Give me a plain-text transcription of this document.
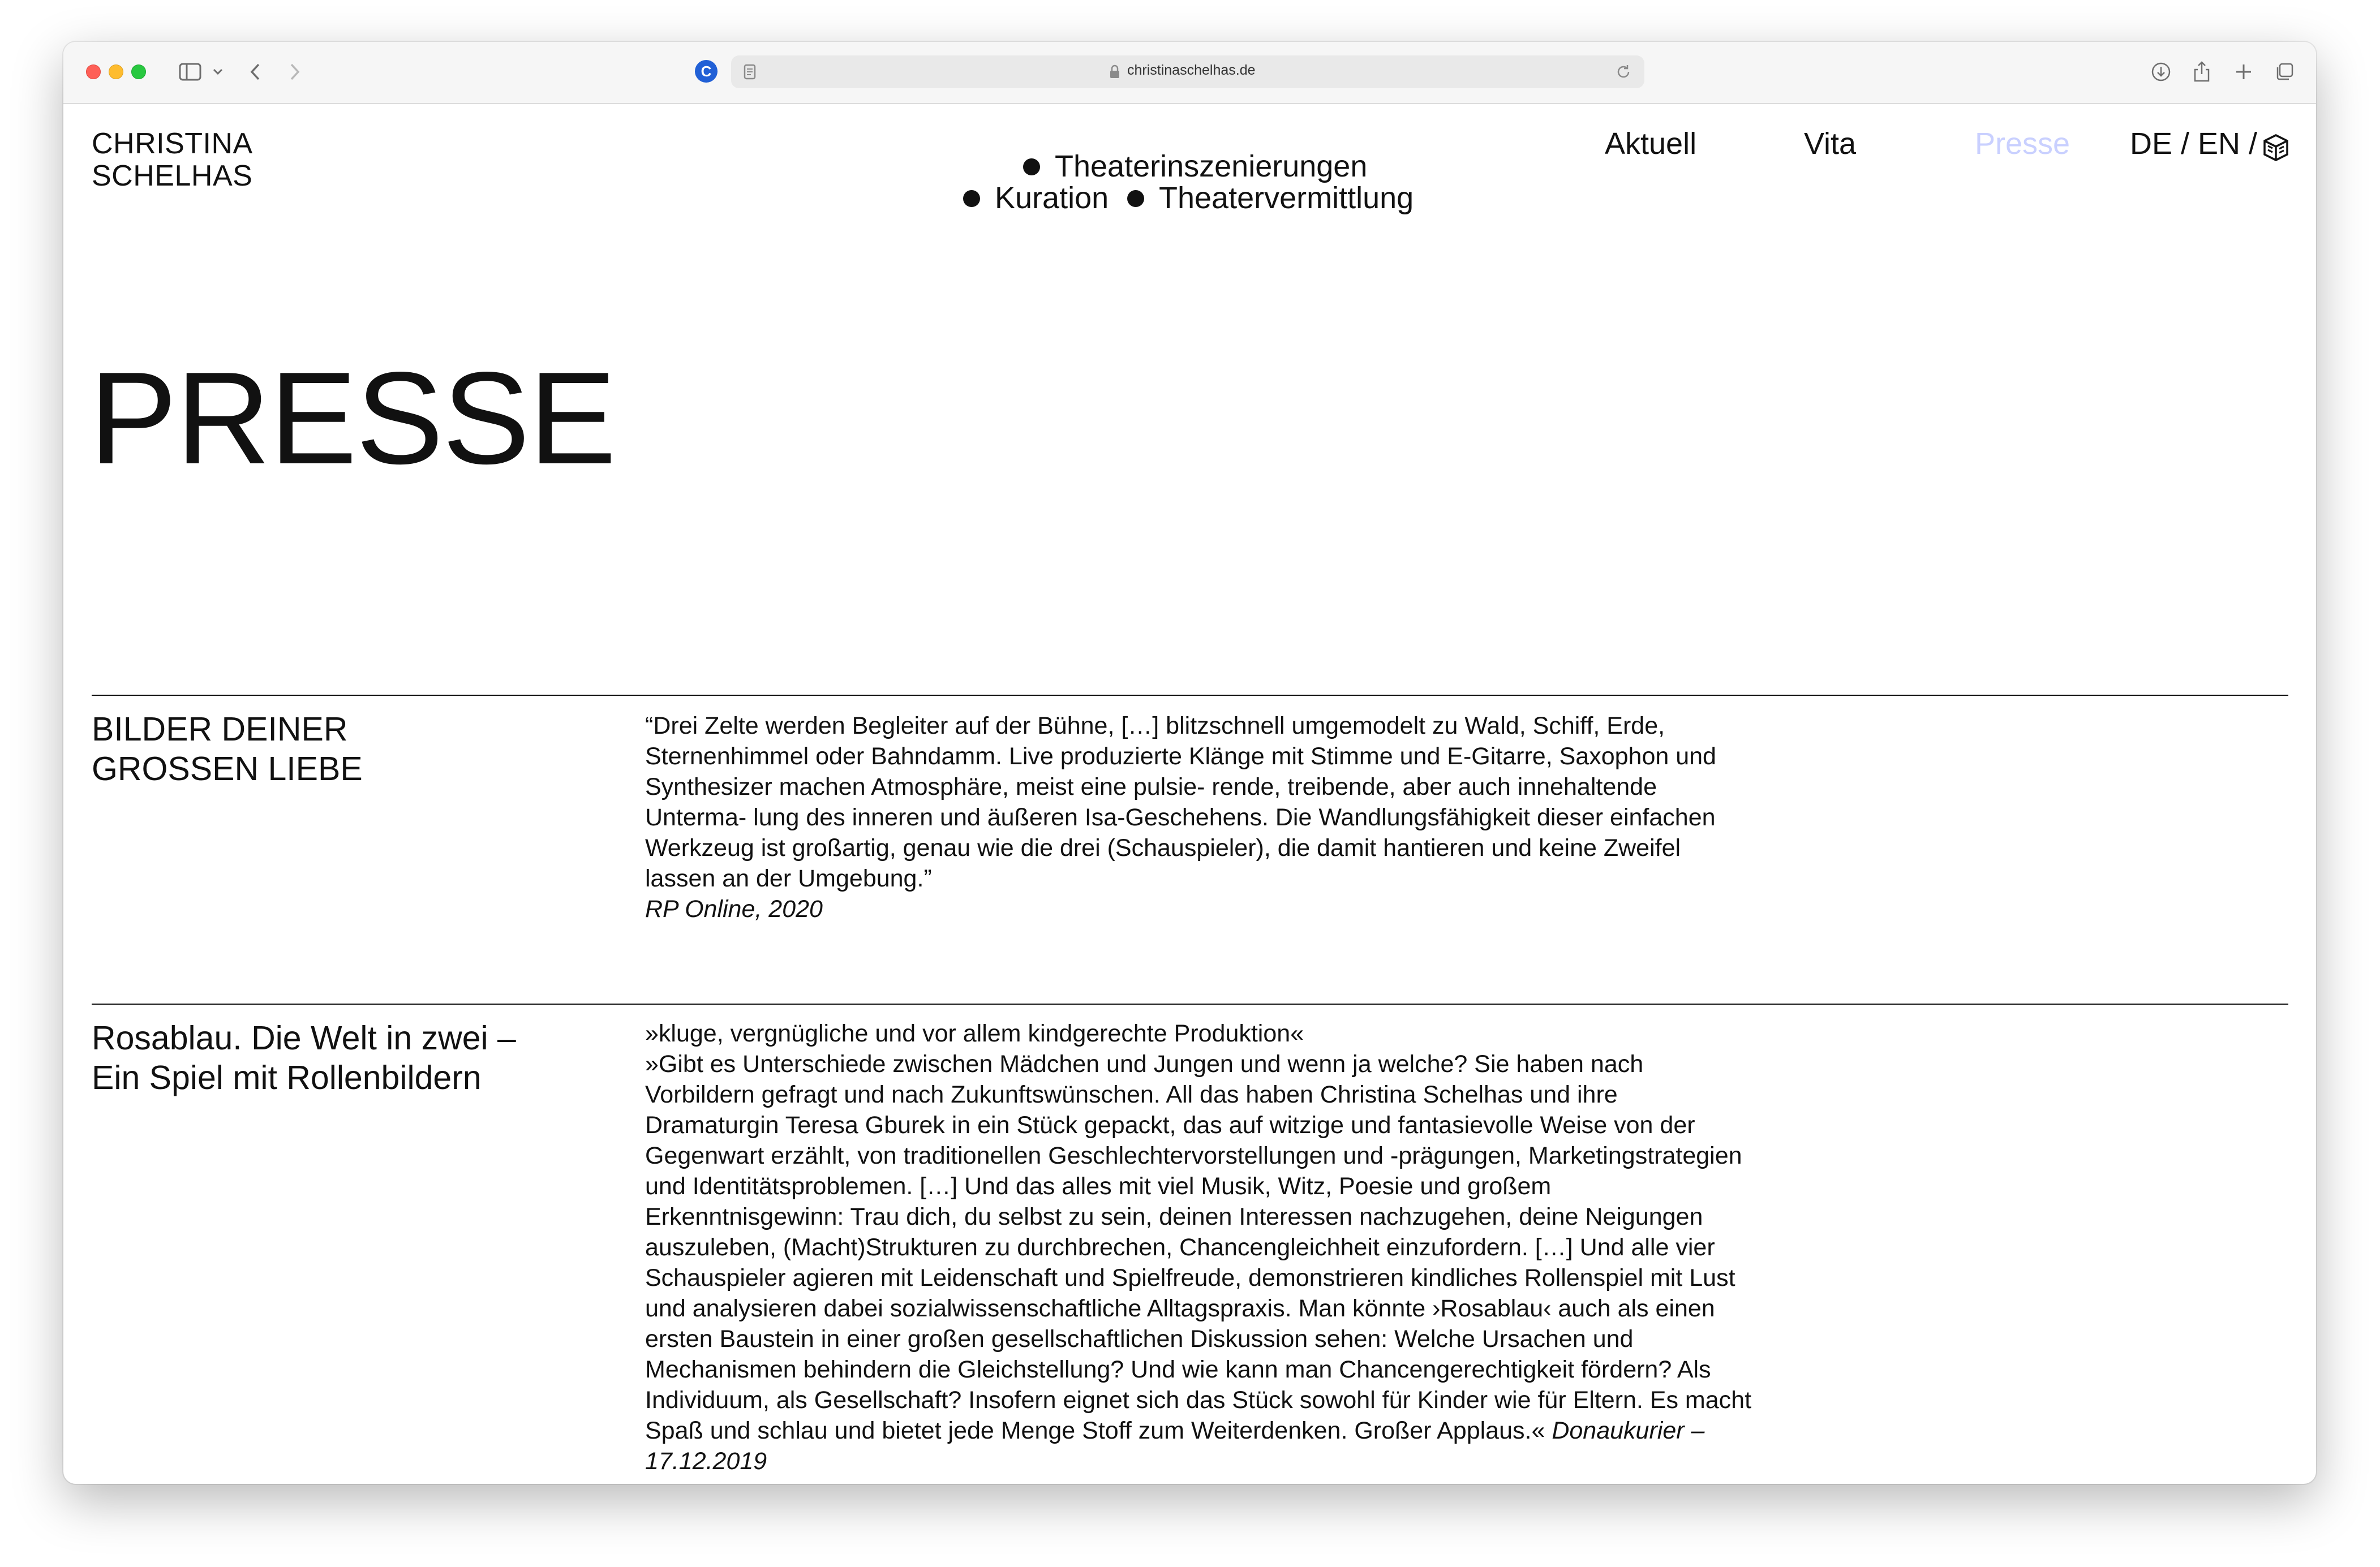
C	christinaschelhas.de
CHRISTINA
SCHELHAS	Theaterinszenierungen
Kuration Theatervermittlung
Aktuell	Vita	Presse DE / EN /
PRESSE
BILDER DEINER
GROSSEN LIEBE

“Drei Zelte werden Begleiter auf der Bühne, […] blitzschnell umgemodelt zu Wald, Schiff, Erde, Sternenhimmel oder Bahndamm. Live produzierte Klänge mit Stimme und E-Gitarre, Saxophon und Synthesizer machen Atmosphäre, meist eine pulsie- rende, treibende, aber auch innehaltende Unterma- lung des inneren und äußeren Isa-Geschehens. Die Wandlungsfähigkeit dieser einfachen Werkzeug ist großartig, genau wie die drei (Schauspieler), die damit hantieren und keine Zweifel lassen an der Umgebung.”

RP Online, 2020

Rosablau. Die Welt in zwei –
Ein Spiel mit Rollenbildern

»kluge, vergnügliche und vor allem kindgerechte Produktion«

»Gibt es Unterschiede zwischen Mädchen und Jungen und wenn ja welche? Sie haben nach Vorbildern gefragt und nach Zukunftswünschen. All das haben Christina Schelhas und ihre Dramaturgin Teresa Gburek in ein Stück gepackt, das auf witzige und fantasievolle Weise von der Gegenwart erzählt, von traditionellen Geschlechtervorstellungen und -prägungen, Marketingstrategien und Identitätsproblemen. […] Und das alles mit viel Musik, Witz, Poesie und großem Erkenntnisgewinn: Trau dich, du selbst zu sein, deinen Interessen nachzugehen, deine Neigungen auszuleben, (Macht)Strukturen zu durchbrechen, Chancengleichheit einzufordern. […] Und alle vier Schauspieler agieren mit Leidenschaft und Spielfreude, demonstrieren kindliches Rollenspiel mit Lust und analysieren dabei sozialwissenschaftliche Alltagspraxis. Man könnte ›Rosablau‹ auch als einen ersten Baustein in einer großen gesellschaftlichen Diskussion sehen: Welche Ursachen und Mechanismen behindern die Gleichstellung? Und wie kann man Chancengerechtigkeit fördern? Als Individuum, als Gesellschaft? Insofern eignet sich das Stück sowohl für Kinder wie für Eltern. Es macht Spaß und schlau und bietet jede Menge Stoff zum Weiterdenken. Großer Applaus.« Donaukurier – 17.12.2019
